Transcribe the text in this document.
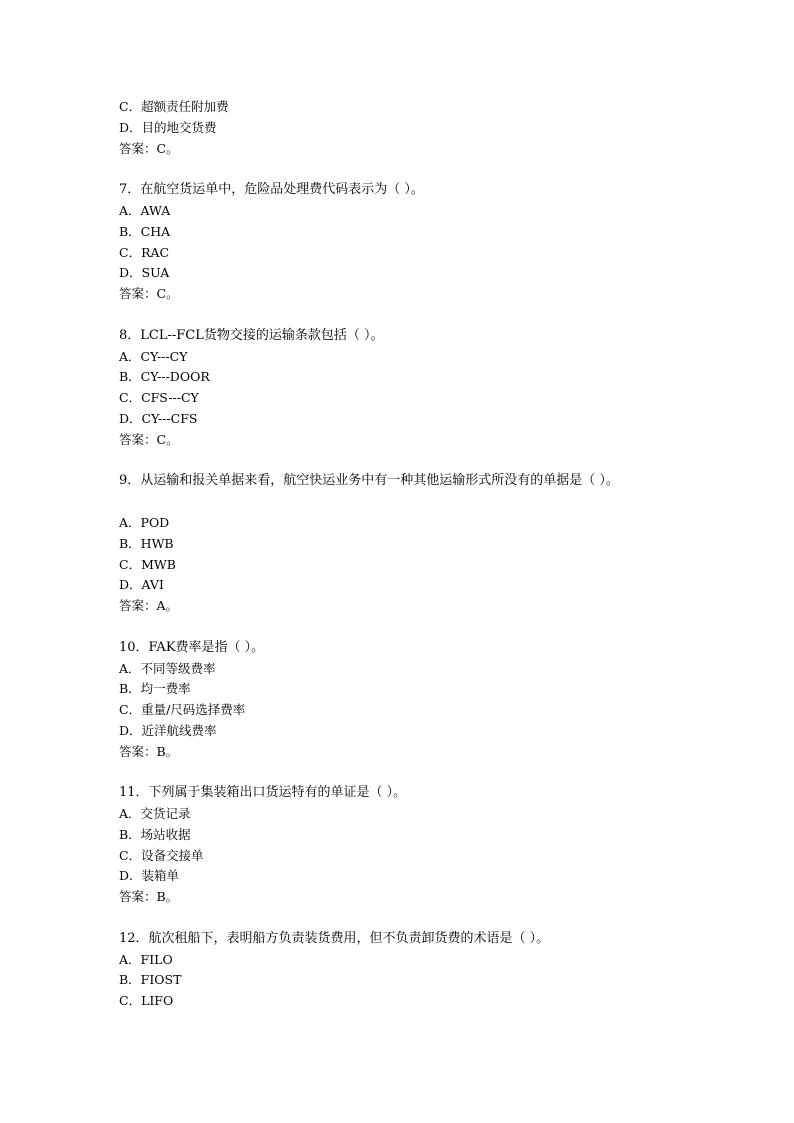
C．超额责任附加费
D．目的地交货费
答案：C。
7．在航空货运单中，危险品处理费代码表示为（ ）。
A．AWA
B．CHA
C．RAC
D．SUA
答案：C。
8．LCL--FCL货物交接的运输条款包括（ ）。
A．CY---CY
B．CY---DOOR
C．CFS---CY
D．CY---CFS
答案：C。
9．从运输和报关单据来看，航空快运业务中有一种其他运输形式所没有的单据是（ ）。
A．POD
B．HWB
C．MWB
D．AVI
答案：A。
10．FAK费率是指（ ）。
A．不同等级费率
B．均一费率
C．重量/尺码选择费率
D．近洋航线费率
答案：B。
11．下列属于集装箱出口货运特有的单证是（ ）。
A．交货记录
B．场站收据
C．设备交接单
D．装箱单
答案：B。
12．航次租船下，表明船方负责装货费用，但不负责卸货费的术语是（ ）。
A．FILO
B．FIOST
C．LIFO
